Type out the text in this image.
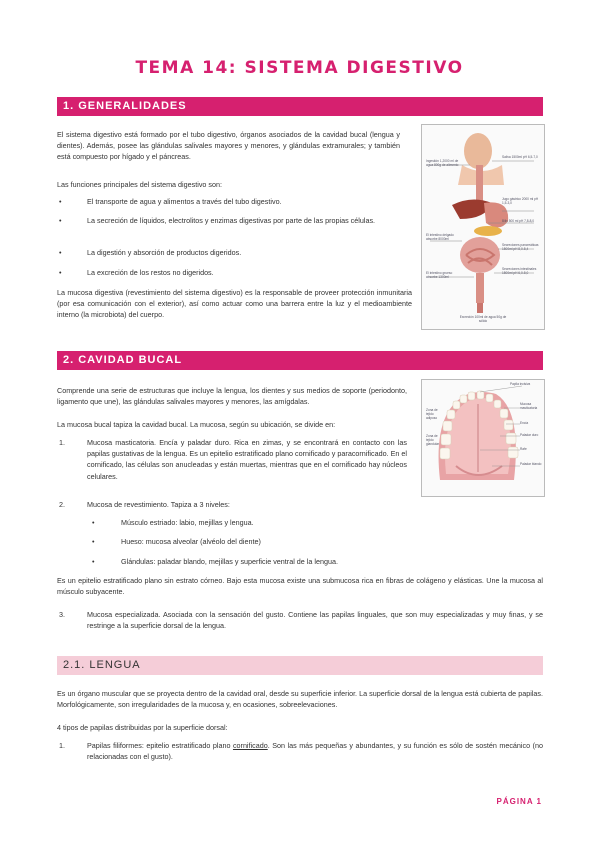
TEMA 14: SISTEMA DIGESTIVO
1. GENERALIDADES
El sistema digestivo está formado por el tubo digestivo, órganos asociados de la cavidad bucal (lengua y dientes). Además, posee las glándulas salivales mayores y menores, y glándulas extramurales; y también está compuesto por hígado y el páncreas.
Las funciones principales del sistema digestivo son:
•	El transporte de agua y alimentos a través del tubo digestivo.
•	La secreción de líquidos, electrolitos y enzimas digestivas por parte de las propias células.
•	La digestión y absorción de productos digeridos.
•	La excreción de los restos no digeridos.
La mucosa digestiva (revestimiento del sistema digestivo) es la responsable de proveer protección inmunitaria (por esa comunicación con el exterior), así como actuar como una barrera entre la luz y el medioambiente interno (la microbiota) del cuerpo.
Ingestión 1,2000 ml de agua 800g de alimento
Saliva 1500ml pH 6,5-7,0
Jugo gástrico 2000 ml pH 1,5-3,0
Bilis 500 ml pH 7,8-8,0
Secreciones pancreáticas 1500ml pH 8,0-8,4
Secreciones intestinales 1500ml pH 6,0-8,0
El intestino delgado absorbe 8000ml
El intestino grueso absorbe 1300ml
Excreción 100ml de agua 50g de sólido
2. CAVIDAD BUCAL
Comprende una serie de estructuras que incluye la lengua, los dientes y sus medios de soporte (periodonto, ligamento que une), las glándulas salivales mayores y menores, las amígdalas.
La mucosa bucal tapiza la cavidad bucal. La mucosa, según su ubicación, se divide en:
1.	Mucosa masticatoria. Encía y paladar duro. Rica en zimas, y se encontrará en contacto con las papilas gustativas de la lengua. Es un epitelio estratificado plano cornificado y paracornificado. En el cornificado, las células son anucleadas y están muertas, mientras que en el cornificado hay núcleos celulares.
2.	Mucosa de revestimiento. Tapiza a 3 niveles:
•	Músculo estriado: labio, mejillas y lengua.
•	Hueso: mucosa alveolar (alvéolo del diente)
•	Glándulas: paladar blando, mejillas y superficie ventral de la lengua.
Es un epitelio estratificado plano sin estrato córneo. Bajo esta mucosa existe una submucosa rica en fibras de colágeno y elásticas. Une la mucosa al músculo subyacente.
3.	Mucosa especializada. Asociada con la sensación del gusto. Contiene las papilas linguales, que son muy especializadas y muy finas, y se restringe a la superficie dorsal de la lengua.
Papila incisiva
Zona de tejido adiposo
Mucosa masticatoria
Encía
Paladar duro
Zona de tejido glandular
Rafe
Paladar blando
2.1. LENGUA
Es un órgano muscular que se proyecta dentro de la cavidad oral, desde su superficie inferior. La superficie dorsal de la lengua está cubierta de papilas. Morfológicamente, son irregularidades de la mucosa y, en ocasiones, sobreelevaciones.
4 tipos de papilas distribuidas por la superficie dorsal:
1.	Papilas filiformes: epitelio estratificado plano cornificado. Son las más pequeñas y abundantes, y su función es sólo de sostén mecánico (no relacionadas con el gusto).
PÁGINA 1
